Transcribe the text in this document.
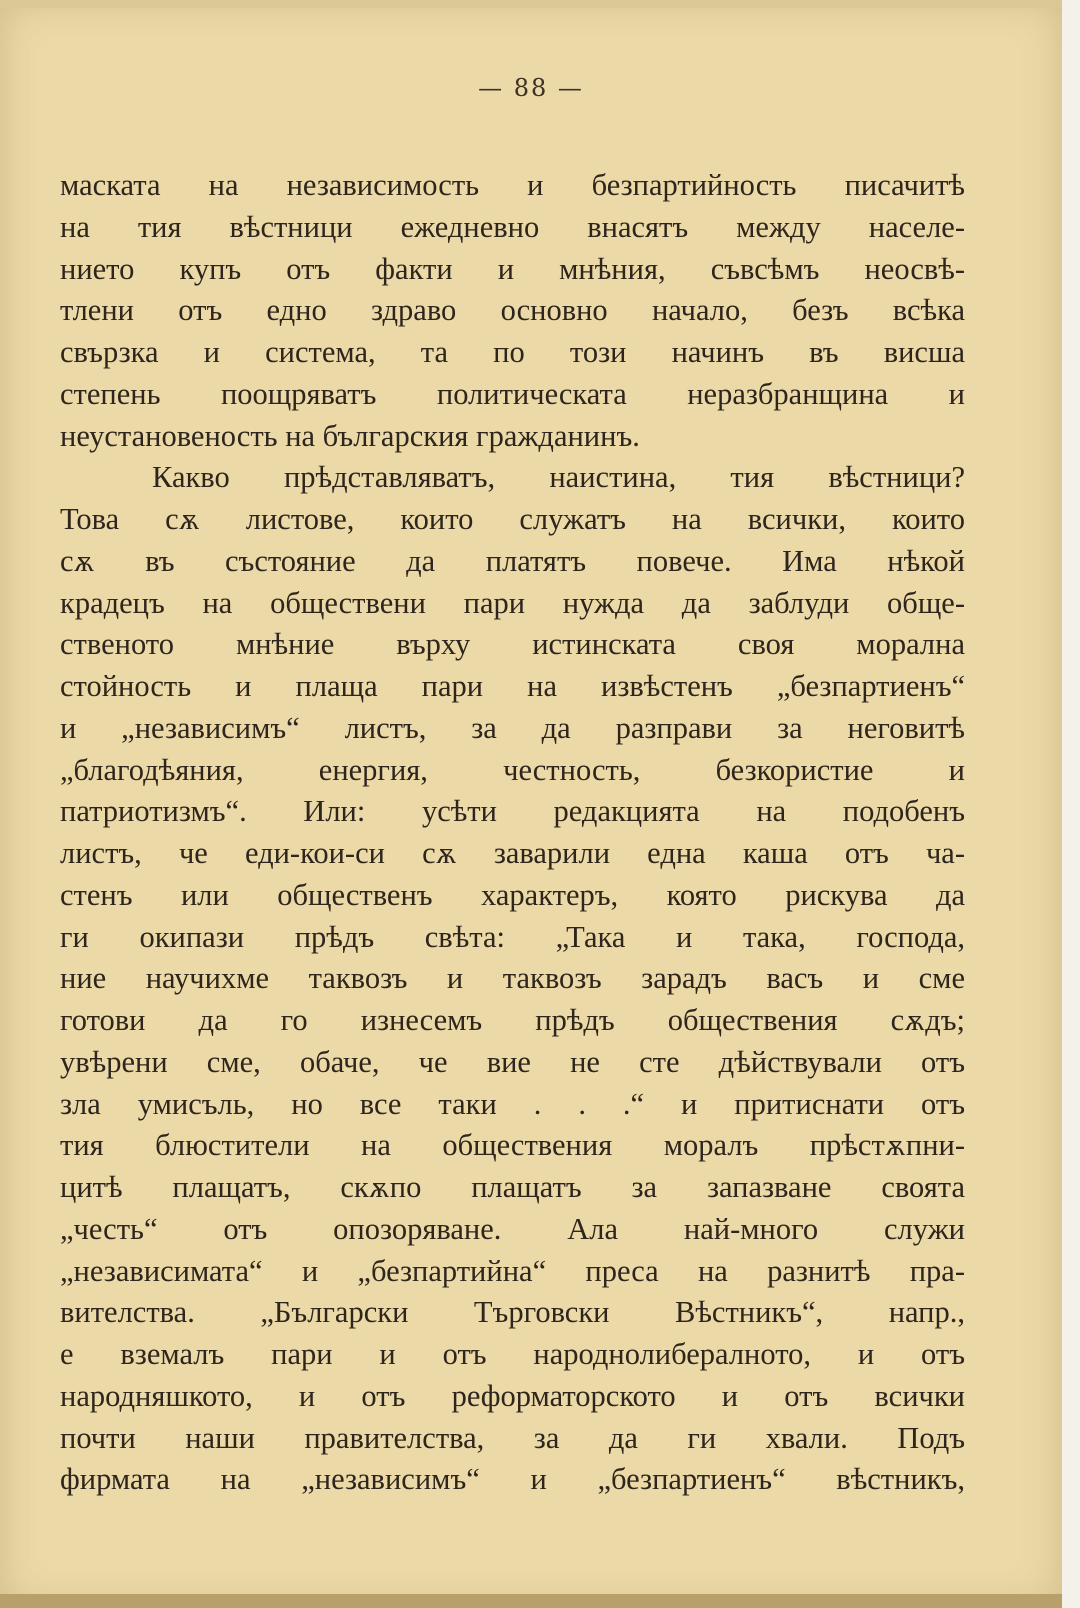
— 88 —
маската на независимость и безпартийность писачитѣ
на тия вѣстници ежедневно внасятъ между населе-
нието купъ отъ факти и мнѣния, съвсѣмъ неосвѣ-
тлени отъ едно здраво основно начало, безъ всѣка
свързка и система, та по този начинъ въ висша
степень поощряватъ политическата неразбранщина и
неустановеность на българския гражданинъ.
Какво прѣдставляватъ, наистина, тия вѣстници?
Това сѫ листове, които служатъ на всички, които
сѫ въ състояние да платятъ повече. Има нѣкой
крадецъ на обществени пари нужда да заблуди обще-
ственото мнѣние върху истинската своя морална
стойность и плаща пари на извѣстенъ „безпартиенъ“
и „независимъ“ листъ, за да разправи за неговитѣ
„благодѣяния, енергия, честность, безкористие и
патриотизмъ“. Или: усѣти редакцията на подобенъ
листъ, че еди-кои-си сѫ заварили една каша отъ ча-
стенъ или общественъ характеръ, която рискува да
ги окипази прѣдъ свѣта: „Така и така, господа,
ние научихме таквозъ и таквозъ зарадъ васъ и сме
готови да го изнесемъ прѣдъ обществения сѫдъ;
увѣрени сме, обаче, че вие не сте дѣйствували отъ
зла умисъль, но все таки . . .“ и притиснати отъ
тия блюстители на обществения моралъ прѣстѫпни-
цитѣ плащатъ, скѫпо плащатъ за запазване своята
„честь“ отъ опозоряване. Ала най-много служи
„независимата“ и „безпартийна“ преса на разнитѣ пра-
вителства. „Български Търговски Вѣстникъ“, напр.,
е вземалъ пари и отъ народнолибералното, и отъ
народняшкото, и отъ реформаторското и отъ всички
почти наши правителства, за да ги хвали. Подъ
фирмата на „независимъ“ и „безпартиенъ“ вѣстникъ,
